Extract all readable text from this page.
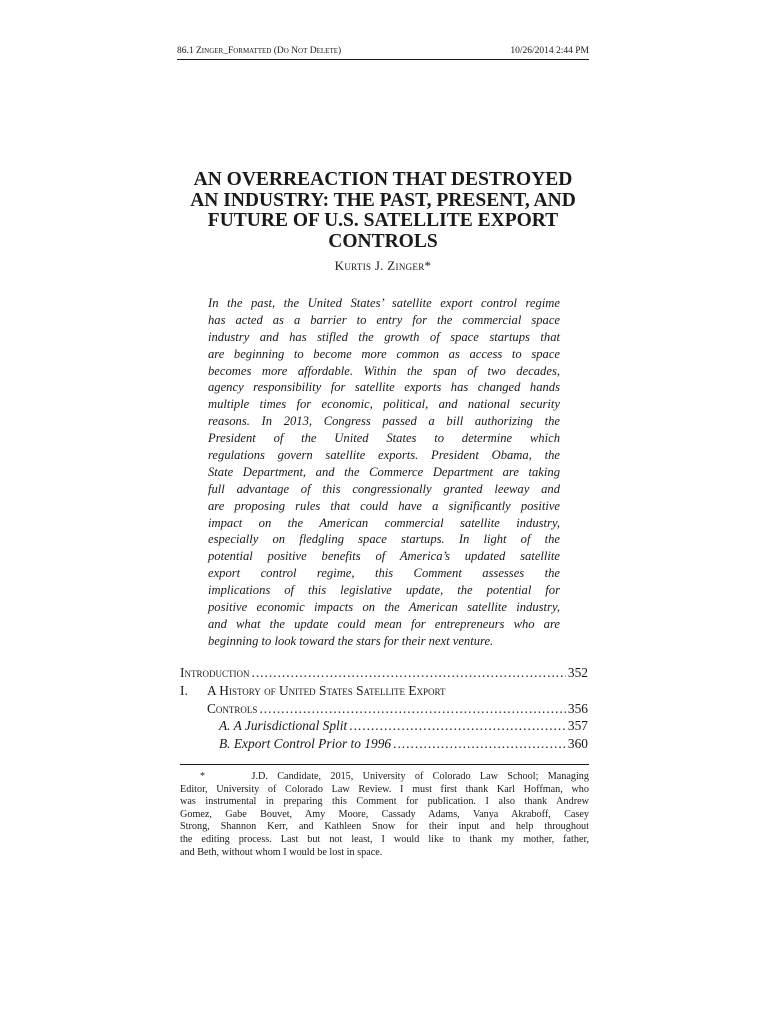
86.1 Zinger_Formatted (Do Not Delete)	10/26/2014 2:44 PM
AN OVERREACTION THAT DESTROYED
AN INDUSTRY: THE PAST, PRESENT, AND
FUTURE OF U.S. SATELLITE EXPORT
CONTROLS
Kurtis J. Zinger*
In the past, the United States’ satellite export control regime
has acted as a barrier to entry for the commercial space
industry and has stifled the growth of space startups that
are beginning to become more common as access to space
becomes more affordable. Within the span of two decades,
agency responsibility for satellite exports has changed hands
multiple times for economic, political, and national security
reasons. In 2013, Congress passed a bill authorizing the
President of the United States to determine which
regulations govern satellite exports. President Obama, the
State Department, and the Commerce Department are taking
full advantage of this congressionally granted leeway and
are proposing rules that could have a significantly positive
impact on the American commercial satellite industry,
especially on fledgling space startups. In light of the
potential positive benefits of America’s updated satellite
export control regime, this Comment assesses the
implications of this legislative update, the potential for
positive economic impacts on the American satellite industry,
and what the update could mean for entrepreneurs who are
beginning to look toward the stars for their next venture.
Introduction .....	352
I.	A History of United States Satellite Export
Controls .....	356
A. A Jurisdictional Split .....	357
B. Export Control Prior to 1996 .....	360
*	J.D. Candidate, 2015, University of Colorado Law School; Managing
Editor, University of Colorado Law Review. I must first thank Karl Hoffman, who
was instrumental in preparing this Comment for publication. I also thank Andrew
Gomez, Gabe Bouvet, Amy Moore, Cassady Adams, Vanya Akraboff, Casey
Strong, Shannon Kerr, and Kathleen Snow for their input and help throughout
the editing process. Last but not least, I would like to thank my mother, father,
and Beth, without whom I would be lost in space.
